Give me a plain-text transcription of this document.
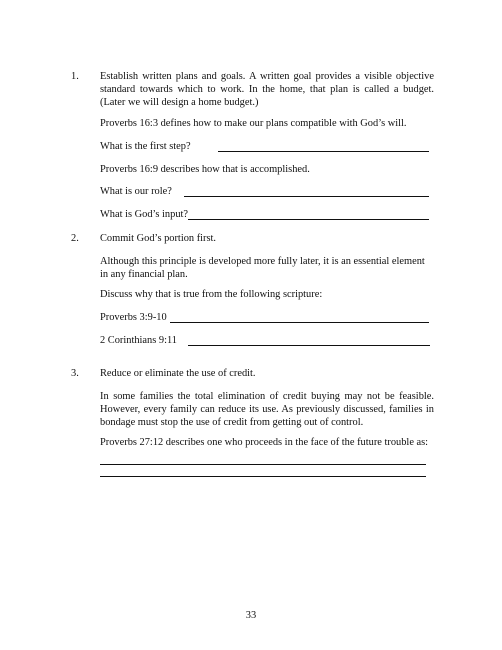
1. Establish written plans and goals. A written goal provides a visible objective standard towards which to work. In the home, that plan is called a budget. (Later we will design a home budget.)
Proverbs 16:3 defines how to make our plans compatible with God’s will.
What is the first step?
Proverbs 16:9 describes how that is accomplished.
What is our role?
What is God’s input?
2. Commit God’s portion first.
Although this principle is developed more fully later, it is an essential element in any financial plan.
Discuss why that is true from the following scripture:
Proverbs 3:9-10
2 Corinthians 9:11
3. Reduce or eliminate the use of credit.
In some families the total elimination of credit buying may not be feasible. However, every family can reduce its use. As previously discussed, families in bondage must stop the use of credit from getting out of control.
Proverbs 27:12 describes one who proceeds in the face of the future trouble as:
33
